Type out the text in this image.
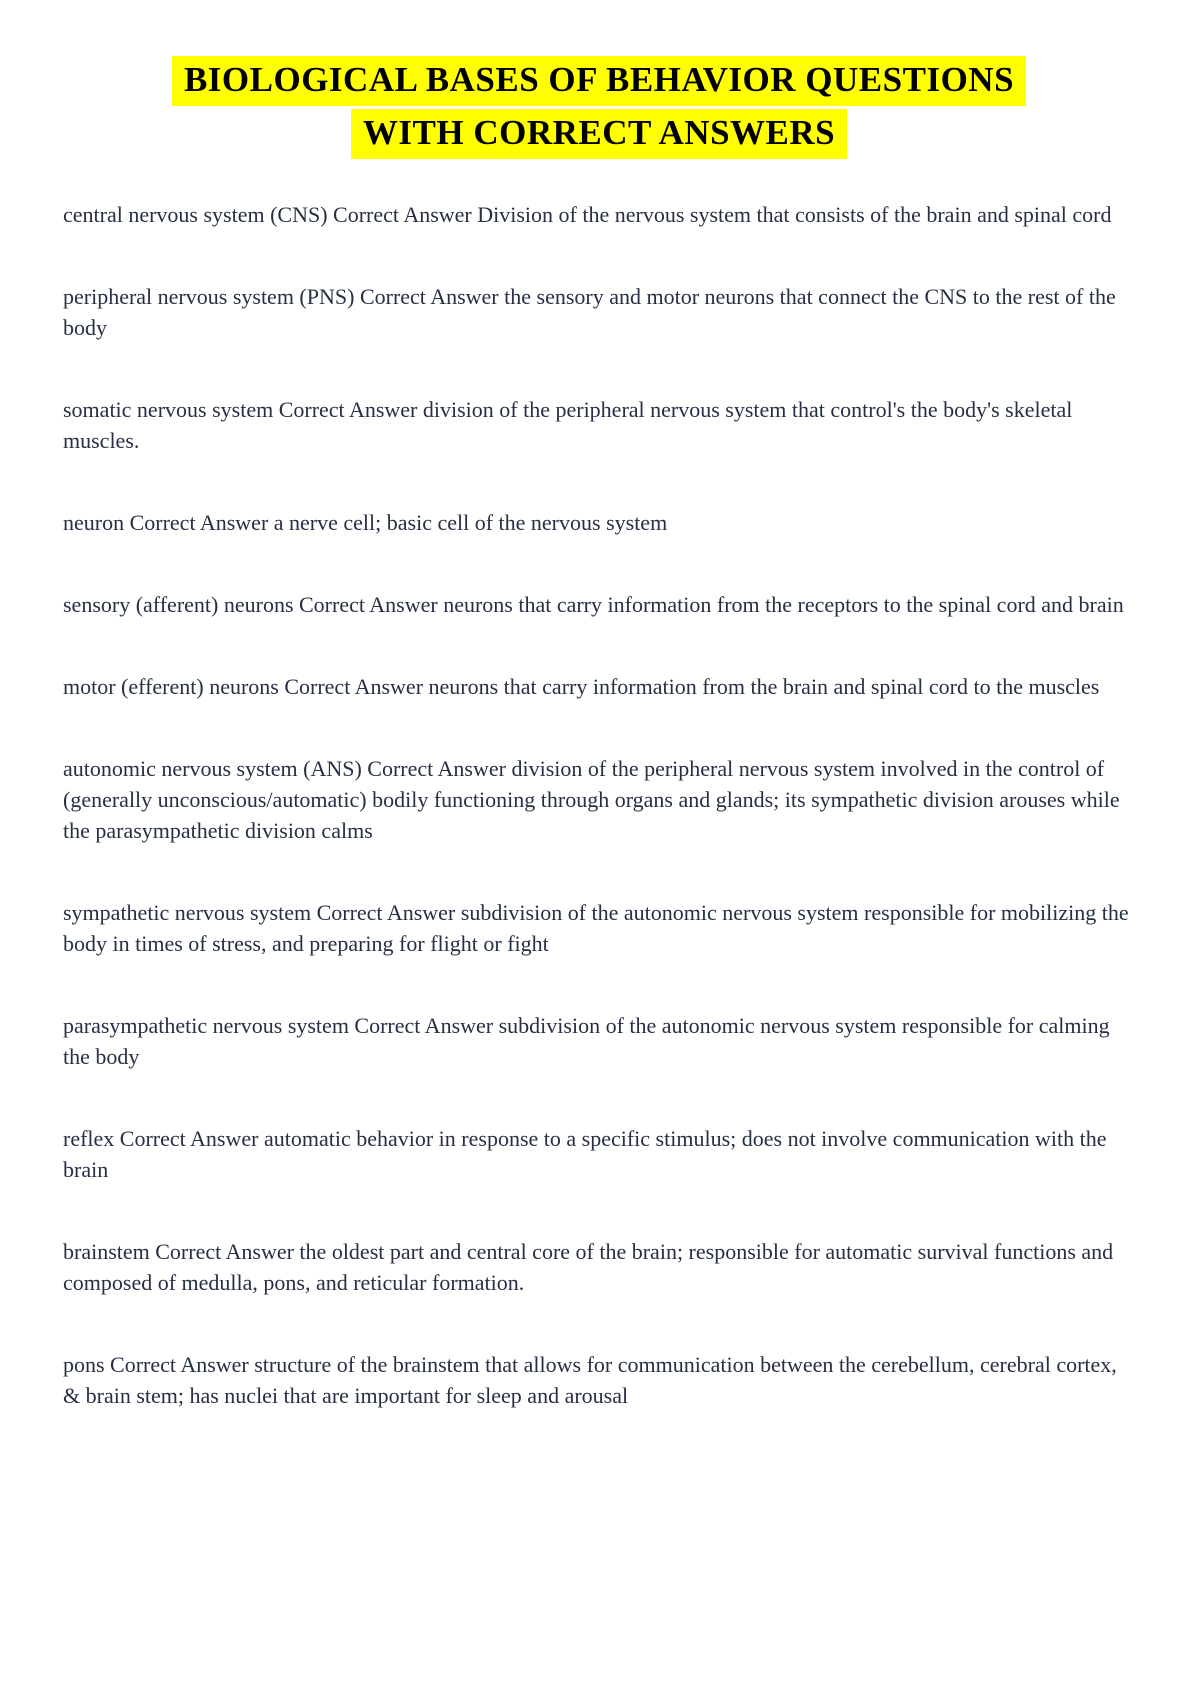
BIOLOGICAL BASES OF BEHAVIOR QUESTIONS
WITH CORRECT ANSWERS

central nervous system (CNS) Correct Answer Division of the nervous system that consists of the brain and spinal cord

peripheral nervous system (PNS) Correct Answer the sensory and motor neurons that connect the CNS to the rest of the body

somatic nervous system Correct Answer division of the peripheral nervous system that control's the body's skeletal muscles.

neuron Correct Answer a nerve cell; basic cell of the nervous system

sensory (afferent) neurons Correct Answer neurons that carry information from the receptors to the spinal cord and brain

motor (efferent) neurons Correct Answer neurons that carry information from the brain and spinal cord to the muscles

autonomic nervous system (ANS) Correct Answer division of the peripheral nervous system involved in the control of (generally unconscious/automatic) bodily functioning through organs and glands; its sympathetic division arouses while the parasympathetic division calms

sympathetic nervous system Correct Answer subdivision of the autonomic nervous system responsible for mobilizing the body in times of stress, and preparing for flight or fight

parasympathetic nervous system Correct Answer subdivision of the autonomic nervous system responsible for calming the body

reflex Correct Answer automatic behavior in response to a specific stimulus; does not involve communication with the brain

brainstem Correct Answer the oldest part and central core of the brain; responsible for automatic survival functions and composed of medulla, pons, and reticular formation.

pons Correct Answer structure of the brainstem that allows for communication between the cerebellum, cerebral cortex, & brain stem; has nuclei that are important for sleep and arousal
